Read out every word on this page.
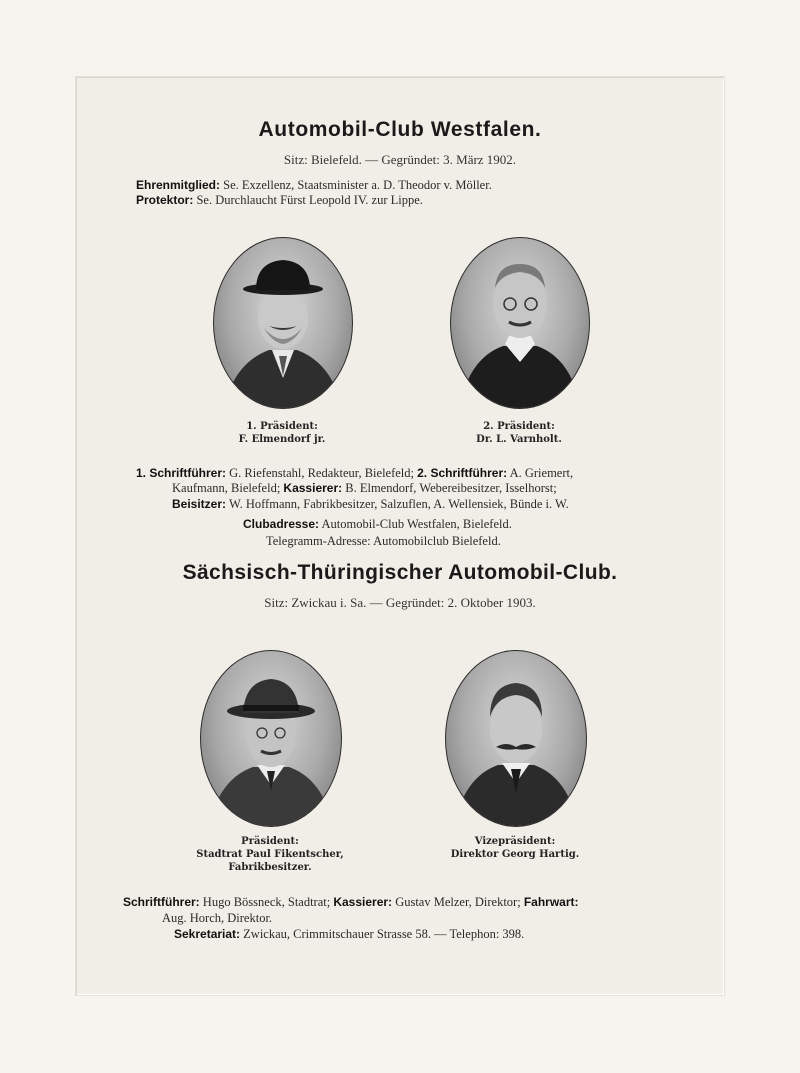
Automobil-Club Westfalen.
Sitz: Bielefeld. — Gegründet: 3. März 1902.
Ehrenmitglied: Se. Exzellenz, Staatsminister a. D. Theodor v. Möller.
Protektor: Se. Durchlaucht Fürst Leopold IV. zur Lippe.
1. Präsident:
F. Elmendorf jr.
2. Präsident:
Dr. L. Varnholt.
1. Schriftführer: G. Riefenstahl, Redakteur, Bielefeld; 2. Schriftführer: A. Griemert,
Kaufmann, Bielefeld; Kassierer: B. Elmendorf, Webereibesitzer, Isselhorst;
Beisitzer: W. Hoffmann, Fabrikbesitzer, Salzuflen, A. Wellensiek, Bünde i. W.
Clubadresse: Automobil-Club Westfalen, Bielefeld.
Telegramm-Adresse: Automobilclub Bielefeld.
Sächsisch-Thüringischer Automobil-Club.
Sitz: Zwickau i. Sa. — Gegründet: 2. Oktober 1903.
Präsident:
Stadtrat Paul Fikentscher,
Fabrikbesitzer.
Vizepräsident:
Direktor Georg Hartig.
Schriftführer: Hugo Bössneck, Stadtrat; Kassierer: Gustav Melzer, Direktor; Fahrwart:
Aug. Horch, Direktor.
Sekretariat: Zwickau, Crimmitschauer Strasse 58. — Telephon: 398.
